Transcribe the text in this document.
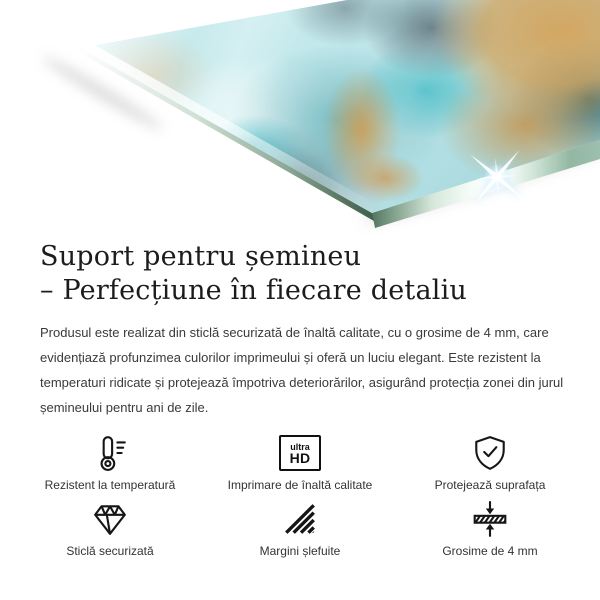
Suport pentru șemineu
– Perfecțiune în fiecare detaliu

Produsul este realizat din sticlă securizată de înaltă calitate, cu o grosime de 4 mm, care evidențiază profunzimea culorilor imprimeului și oferă un luciu elegant. Este rezistent la temperaturi ridicate și protejează împotriva deteriorărilor, asigurând protecția zonei din jurul șemineului pentru ani de zile.

Rezistent la temperatură
ultra
HD
Imprimare de înaltă calitate	Protejează suprafața
Sticlă securizată	Margini șlefuite	Grosime de 4 mm
